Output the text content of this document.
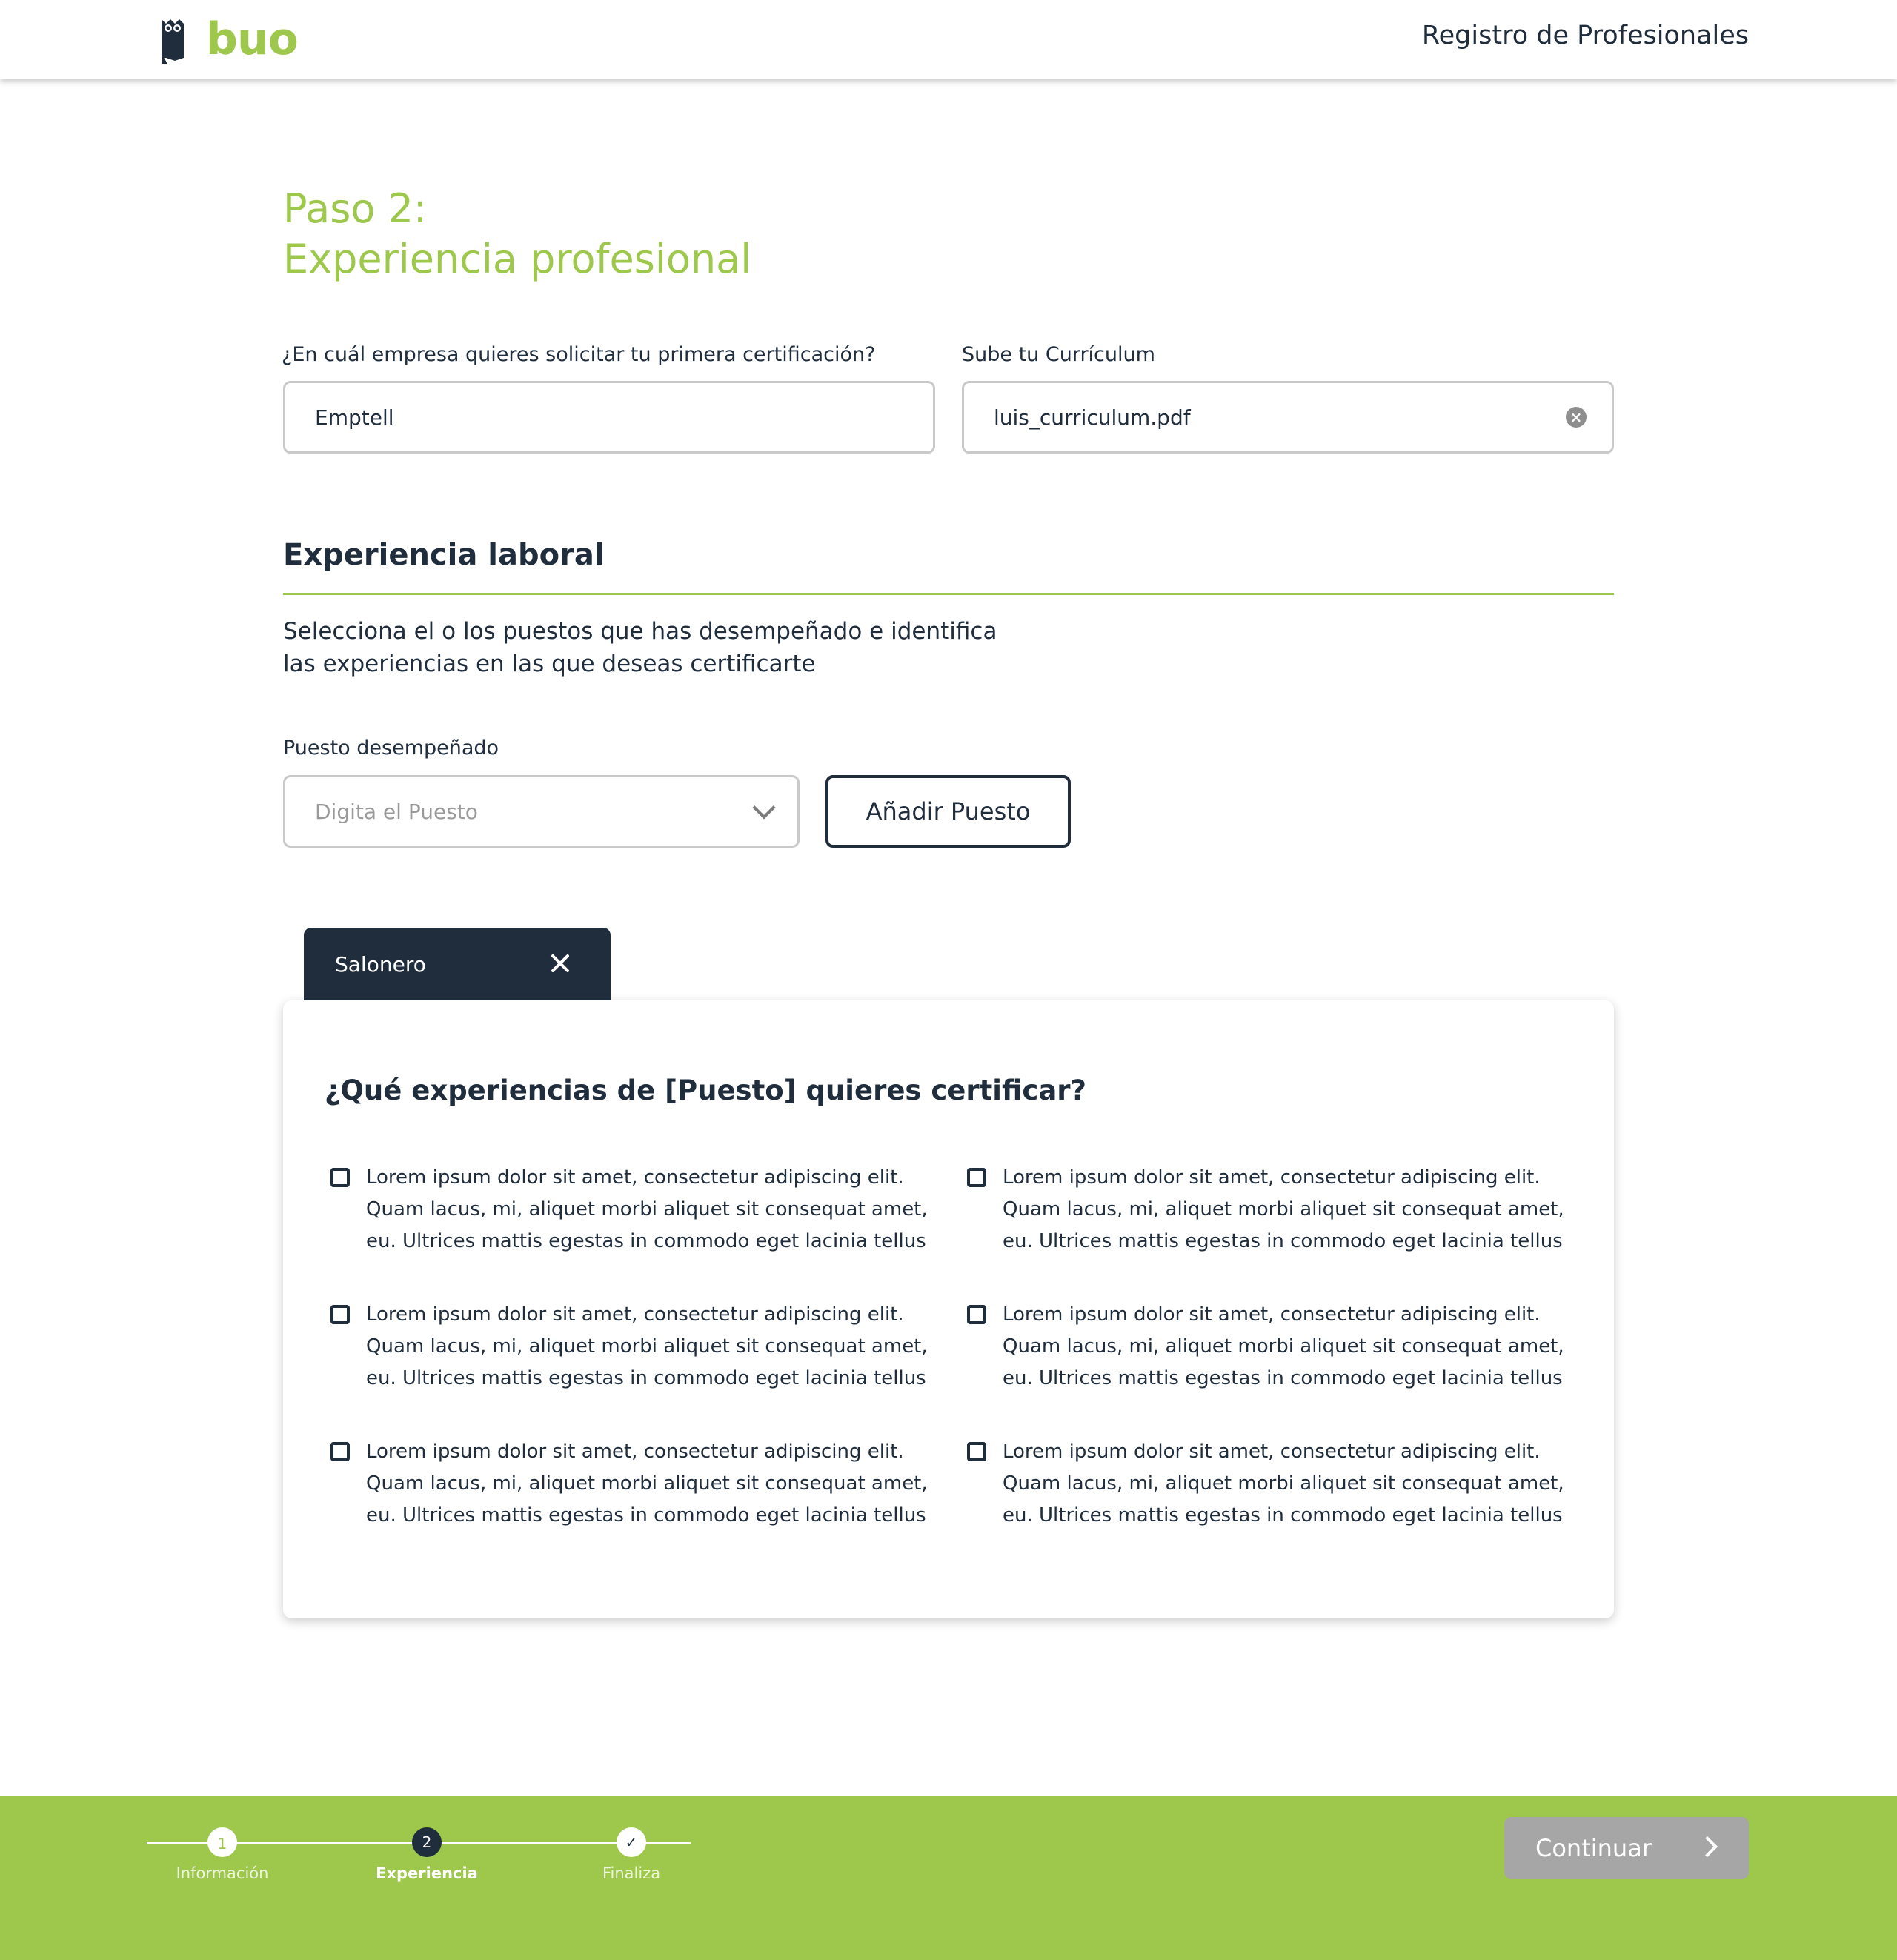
buo	Registro de Profesionales
Paso 2:
Experiencia profesional
¿En cuál empresa quieres solicitar tu primera certificación?
Emptell
Sube tu Currículum
luis_curriculum.pdf	×
Experiencia laboral
Selecciona el o los puestos que has desempeñado e identifica las experiencias en las que deseas certificarte
Puesto desempeñado
Digita el Puesto	Añadir Puesto
Salonero
¿Qué experiencias de [Puesto] quieres certificar?
Lorem ipsum dolor sit amet, consectetur adipiscing elit. Quam lacus, mi, aliquet morbi aliquet sit consequat amet, eu. Ultrices mattis egestas in commodo eget lacinia tellus
Lorem ipsum dolor sit amet, consectetur adipiscing elit. Quam lacus, mi, aliquet morbi aliquet sit consequat amet, eu. Ultrices mattis egestas in commodo eget lacinia tellus
Lorem ipsum dolor sit amet, consectetur adipiscing elit. Quam lacus, mi, aliquet morbi aliquet sit consequat amet, eu. Ultrices mattis egestas in commodo eget lacinia tellus
Lorem ipsum dolor sit amet, consectetur adipiscing elit. Quam lacus, mi, aliquet morbi aliquet sit consequat amet, eu. Ultrices mattis egestas in commodo eget lacinia tellus
Lorem ipsum dolor sit amet, consectetur adipiscing elit. Quam lacus, mi, aliquet morbi aliquet sit consequat amet, eu. Ultrices mattis egestas in commodo eget lacinia tellus
Lorem ipsum dolor sit amet, consectetur adipiscing elit. Quam lacus, mi, aliquet morbi aliquet sit consequat amet, eu. Ultrices mattis egestas in commodo eget lacinia tellus
1
Información
2
Experiencia
✓
Finaliza
Continuar
